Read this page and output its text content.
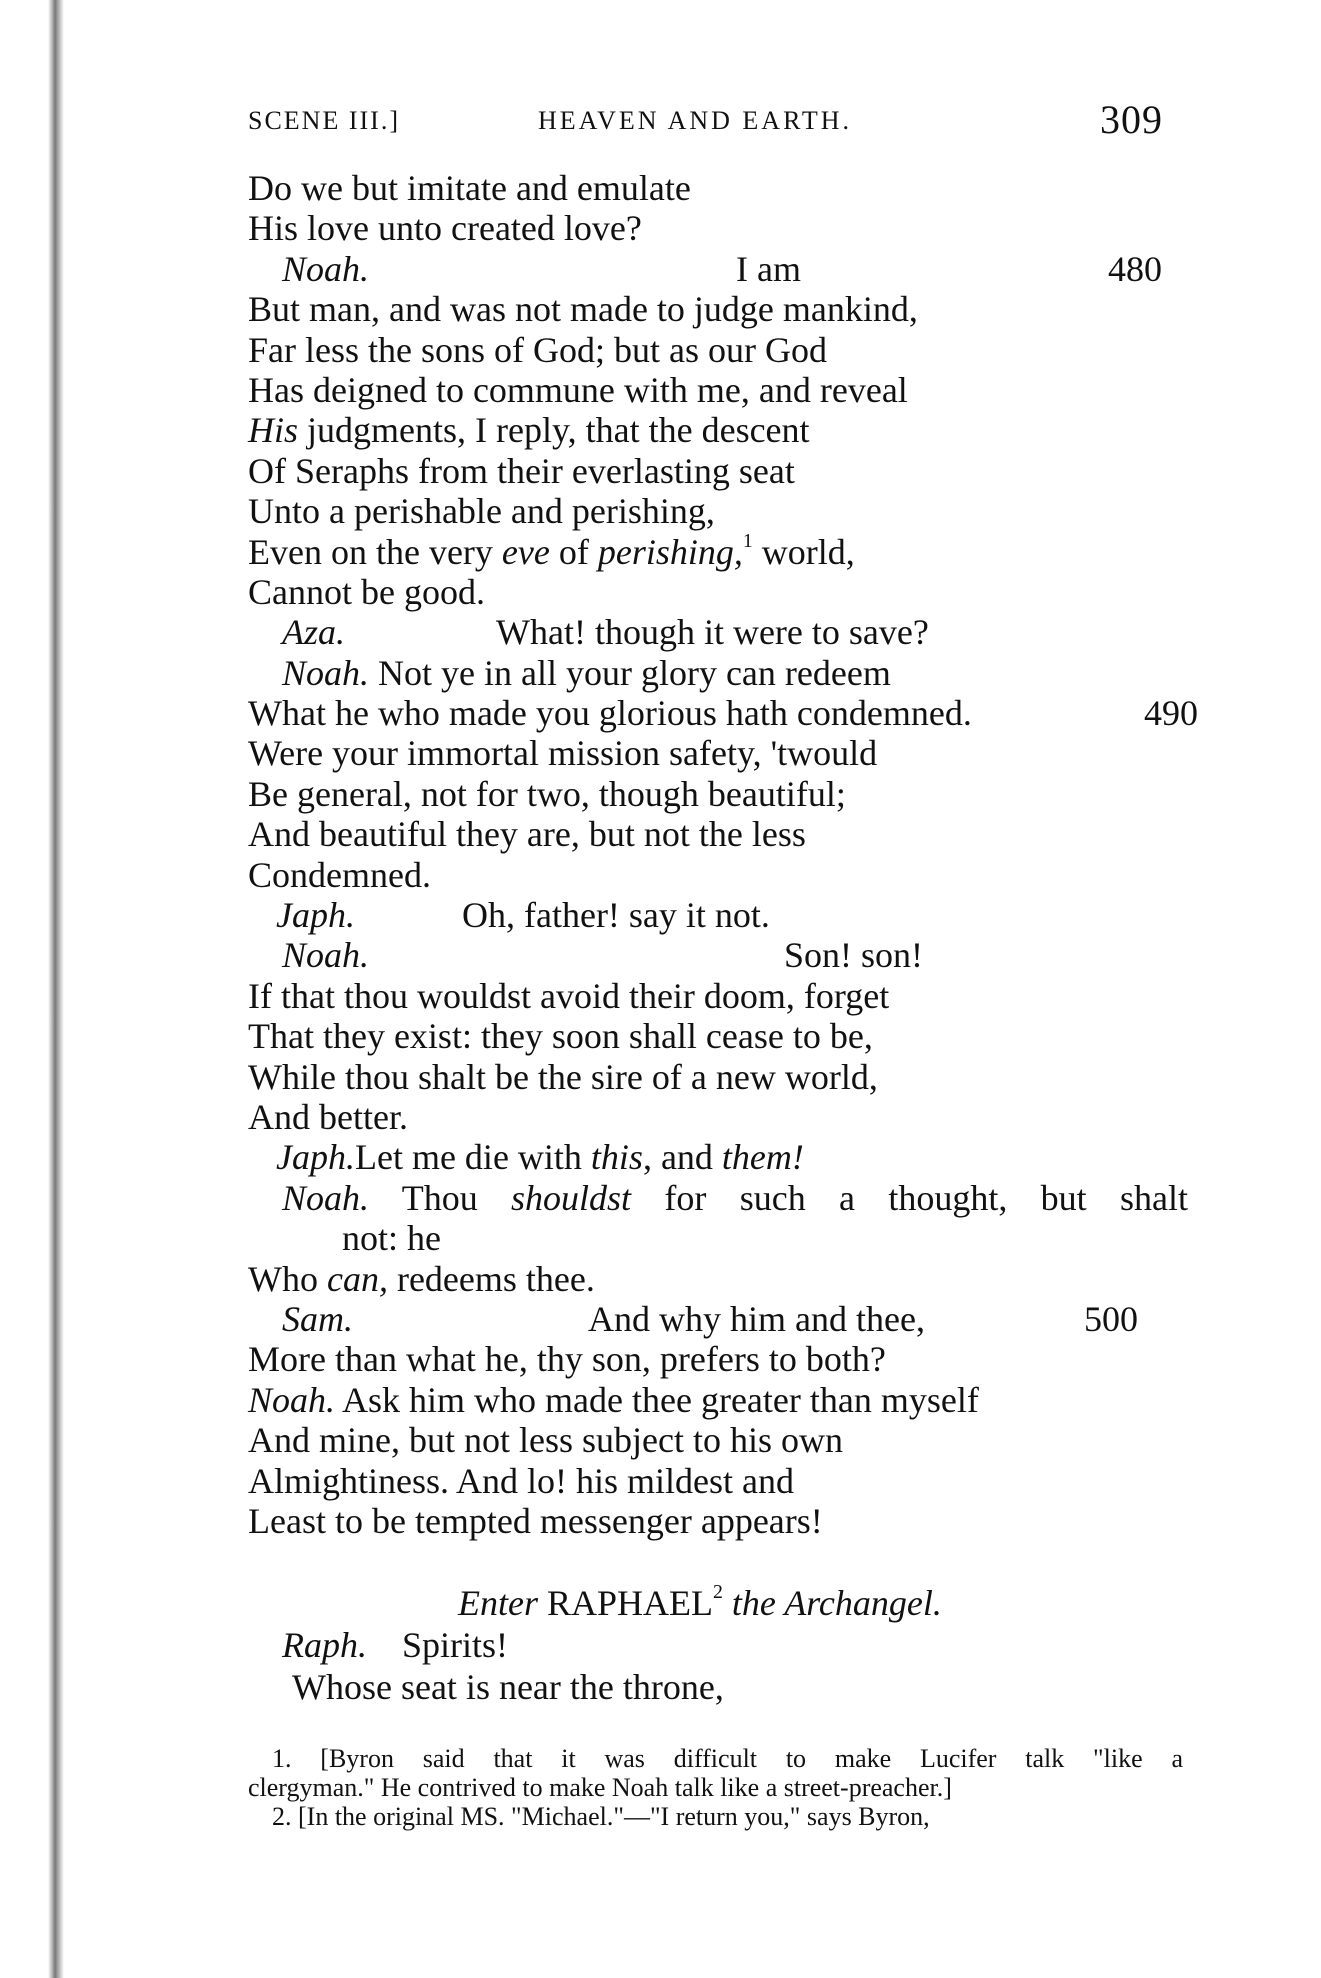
SCENE III.]	HEAVEN AND EARTH.	309
Do we but imitate and emulate
His love unto created love?
Noah.	I am	480
But man, and was not made to judge mankind,
Far less the sons of God; but as our God
Has deigned to commune with me, and reveal
His judgments, I reply, that the descent
Of Seraphs from their everlasting seat
Unto a perishable and perishing,
Even on the very eve of perishing,$^1$ world,
Cannot be good.
Aza.	What! though it were to save?
Noah. Not ye in all your glory can redeem
What he who made you glorious hath condemned.	490
Were your immortal mission safety, 'twould
Be general, not for two, though beautiful;
And beautiful they are, but not the less
Condemned.
Japh.	Oh, father! say it not.
Noah.	Son! son!
If that thou wouldst avoid their doom, forget
That they exist: they soon shall cease to be,
While thou shalt be the sire of a new world,
And better.
Japh.Let me die with this, and them!
Noah. Thou shouldst for such a thought, but shalt
not: he
Who can, redeems thee.
Sam.	And why him and thee,	500
More than what he, thy son, prefers to both?
Noah. Ask him who made thee greater than myself
And mine, but not less subject to his own
Almightiness. And lo! his mildest and
Least to be tempted messenger appears!
Enter RAPHAEL$^2$ the Archangel.
Raph. Spirits!
Whose seat is near the throne,
1. [Byron said that it was difficult to make Lucifer talk "like a
clergyman." He contrived to make Noah talk like a street-preacher.]
2. [In the original MS. "Michael."—"I return you," says Byron,
